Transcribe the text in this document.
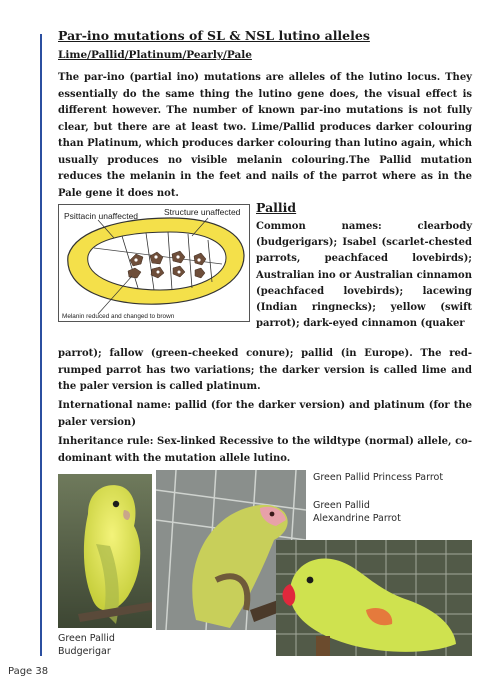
Par-ino mutations of SL & NSL lutino alleles
Lime/Pallid/Platinum/Pearly/Pale

The par-ino (partial ino) mutations are alleles of the lutino locus. They essentially do the same thing the lutino gene does, the visual effect is different however. The number of known par-ino mutations is not fully clear, but there are at least two. Lime/Pallid produces darker colouring than Platinum, which produces darker colouring than lutino again, which usually produces no visible melanin colouring.The Pallid mutation reduces the melanin in the feet and nails of the parrot where as in the Pale gene it does not.

Psittacin unaffected	Structure unaffected
Melanin reduced and changed to brown
Pallid

Common names: clearbody (budgerigars); Isabel (scarlet-chested parrots, peachfaced lovebirds); Australian ino or Australian cinnamon (peachfaced lovebirds); lacewing (Indian ringnecks); yellow (swift parrot); dark-eyed cinnamon (quaker

parrot); fallow (green-cheeked conure); pallid (in Europe). The red-rumped parrot has two variations; the darker version is called lime and the paler version is called platinum.

International name: pallid (for the darker version) and platinum (for the paler version)

Inheritance rule: Sex-linked Recessive to the wildtype (normal) allele, co-dominant with the mutation allele lutino.

Green Pallid Princess Parrot
Green Pallid
Alexandrine Parrot
Green Pallid
Budgerigar
Page 38
